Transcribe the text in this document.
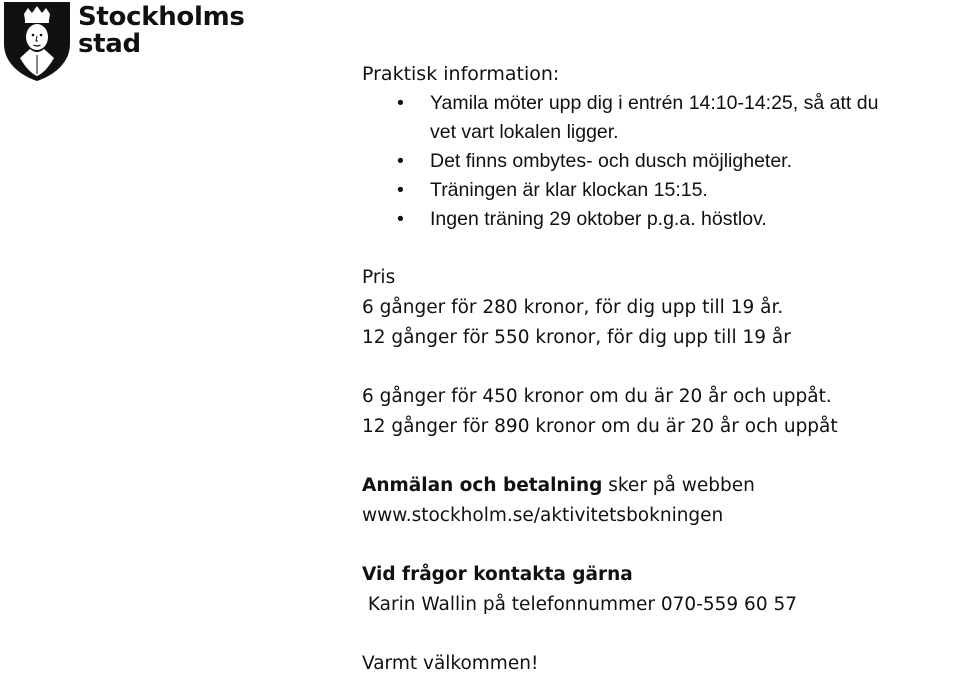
Stockholms
stad
Praktisk information:
• Yamila möter upp dig i entrén 14:10-14:25, så att du
vet vart lokalen ligger.
• Det finns ombytes- och dusch möjligheter.
• Träningen är klar klockan 15:15.
• Ingen träning 29 oktober p.g.a. höstlov.
Pris
6 gånger för 280 kronor, för dig upp till 19 år.
12 gånger för 550 kronor, för dig upp till 19 år
6 gånger för 450 kronor om du är 20 år och uppåt.
12 gånger för 890 kronor om du är 20 år och uppåt
Anmälan och betalning sker på webben
www.stockholm.se/aktivitetsbokningen
Vid frågor kontakta gärna
Karin Wallin på telefonnummer 070-559 60 57
Varmt välkommen!
